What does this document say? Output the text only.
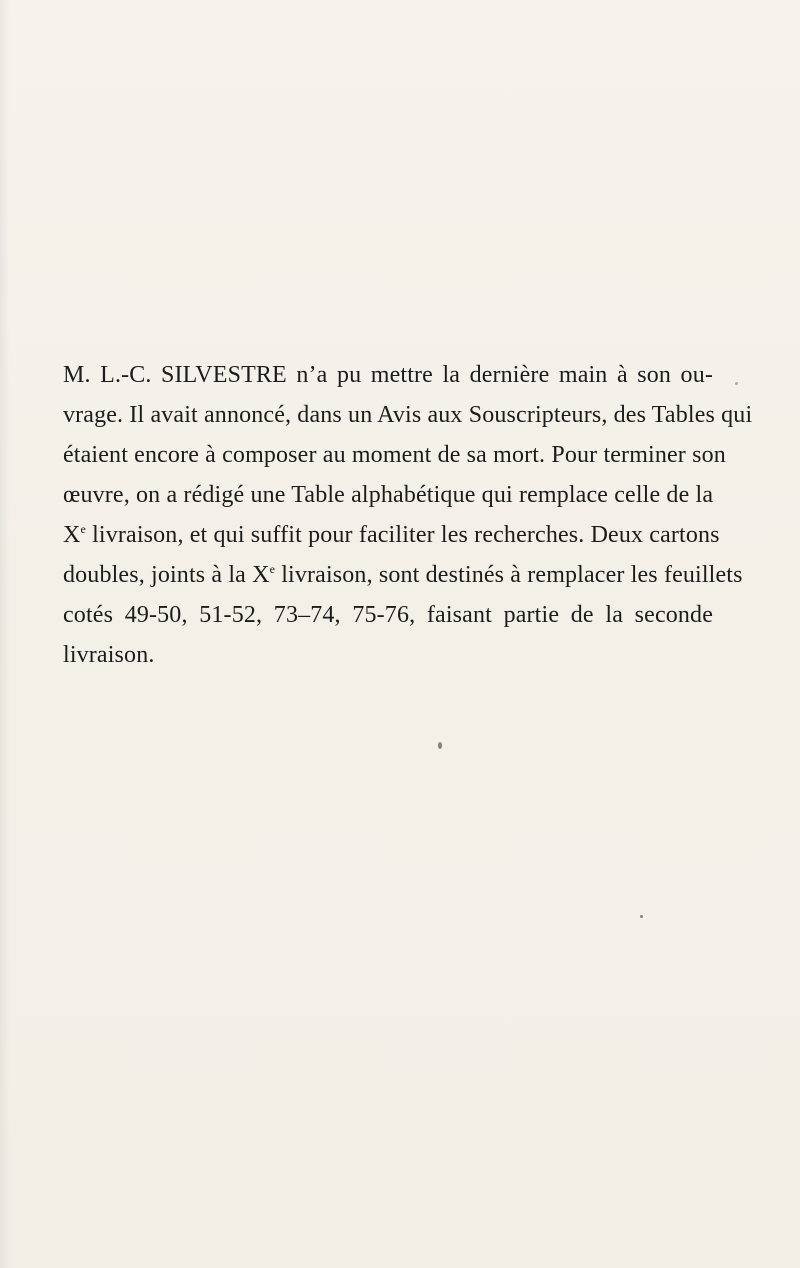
M. L.-C. SILVESTRE n’a pu mettre la dernière main à son ou-
vrage. Il avait annoncé, dans un Avis aux Souscripteurs, des Tables qui
étaient encore à composer au moment de sa mort. Pour terminer son
œuvre, on a rédigé une Table alphabétique qui remplace celle de la
Xe livraison, et qui suffit pour faciliter les recherches. Deux cartons
doubles, joints à la Xe livraison, sont destinés à remplacer les feuillets
cotés 49-50, 51-52, 73–74, 75-76, faisant partie de la seconde
livraison.
